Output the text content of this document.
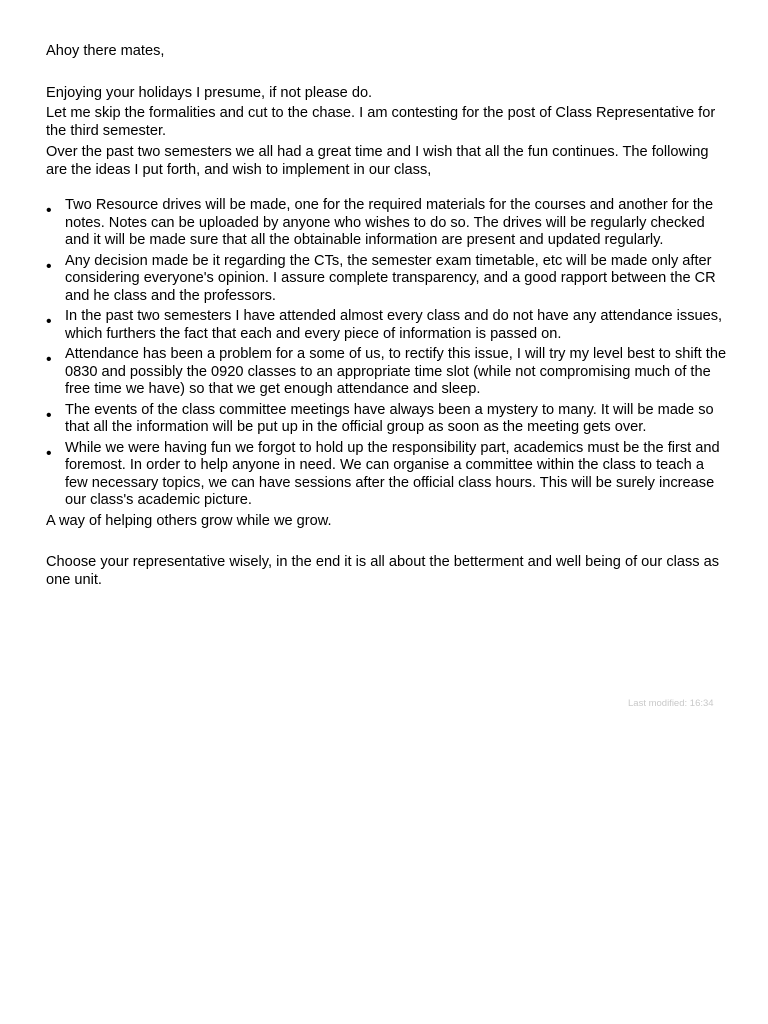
Ahoy there mates,

Enjoying your holidays I presume, if not please do.

Let me skip the formalities and cut to the chase. I am contesting for the post of Class Representative for the third semester.

Over the past two semesters we all had a great time and I wish that all the fun continues. The following are the ideas I put forth, and wish to implement in our class,

• Two Resource drives will be made, one for the required materials for the courses and another for the notes. Notes can be uploaded by anyone who wishes to do so. The drives will be regularly checked and it will be made sure that all the obtainable information are present and updated regularly.
• Any decision made be it regarding the CTs, the semester exam timetable, etc will be made only after considering everyone's opinion. I assure complete transparency, and a good rapport between the CR and he class and the professors.
• In the past two semesters I have attended almost every class and do not have any attendance issues, which furthers the fact that each and every piece of information is passed on.
• Attendance has been a problem for a some of us, to rectify this issue, I will try my level best to shift the 0830 and possibly the 0920 classes to an appropriate time slot (while not compromising much of the free time we have) so that we get enough attendance and sleep.
• The events of the class committee meetings have always been a mystery to many. It will be made so that all the information will be put up in the official group as soon as the meeting gets over.
• While we were having fun we forgot to hold up the responsibility part, academics must be the first and foremost. In order to help anyone in need. We can organise a committee within the class to teach a few necessary topics, we can have sessions after the official class hours. This will be surely increase our class's academic picture.

A way of helping others grow while we grow.

Choose your representative wisely, in the end it is all about the betterment and well being of our class as one unit.

Last modified: 16:34
